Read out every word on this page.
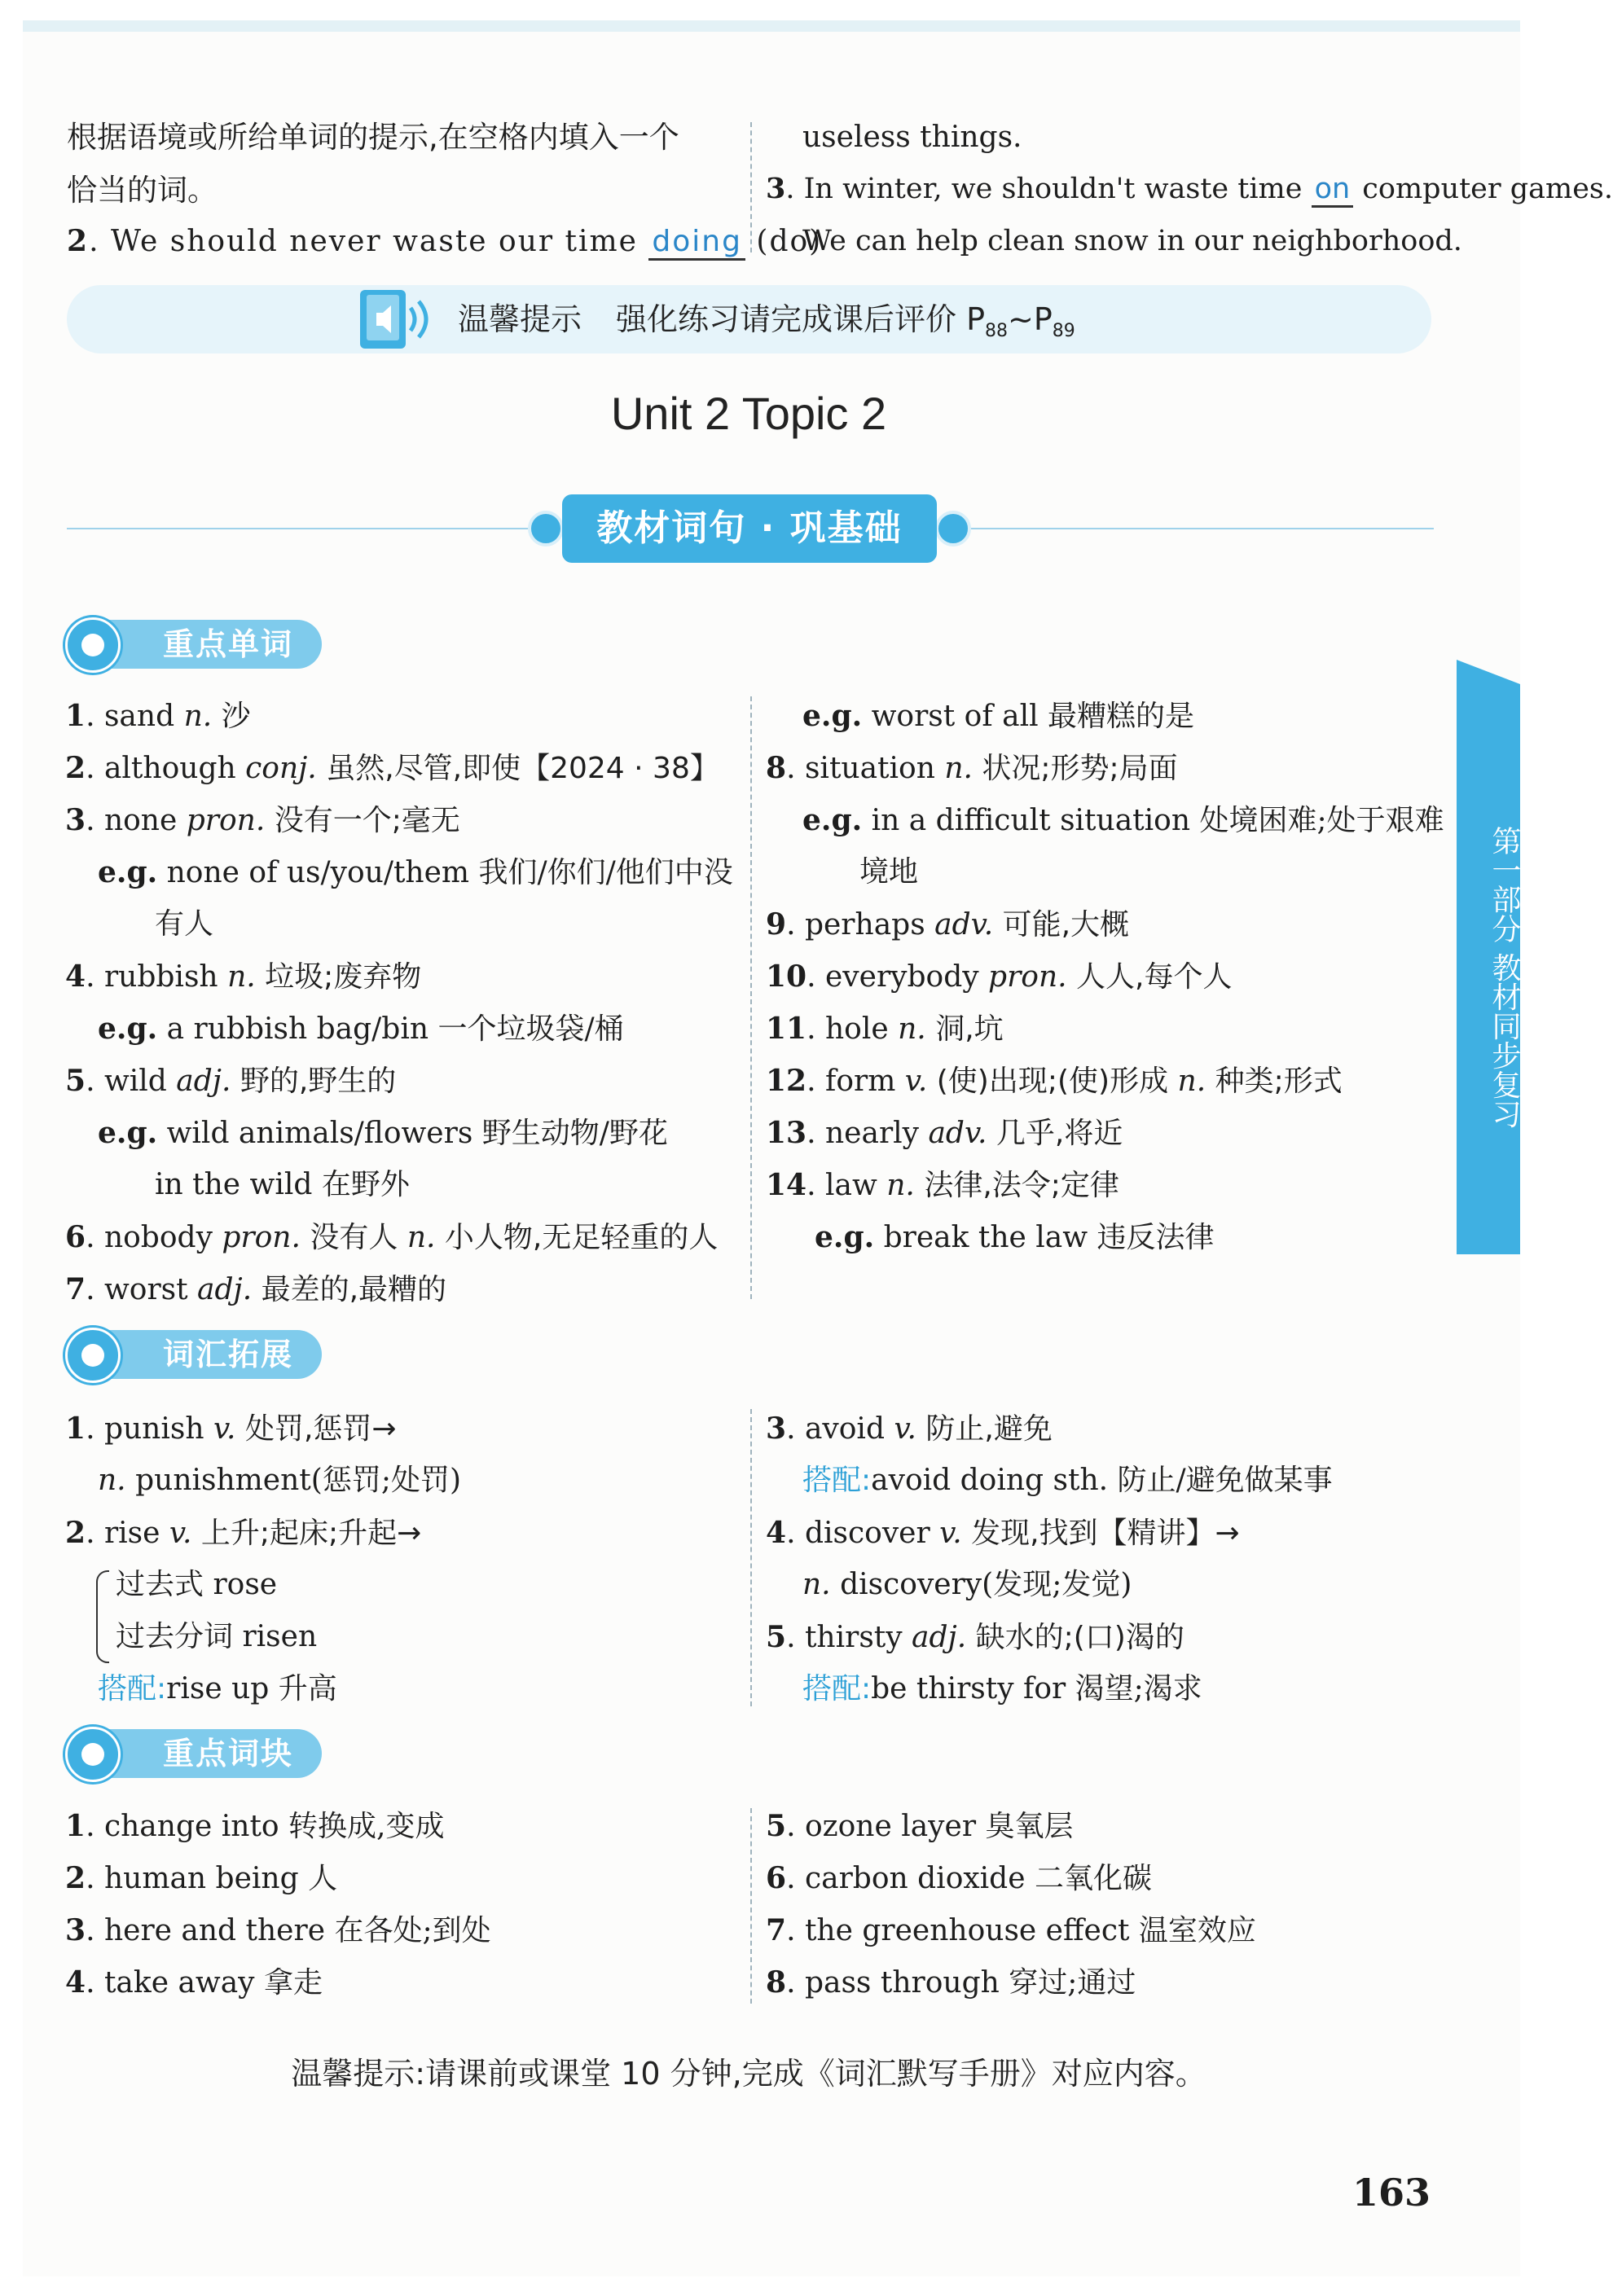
根据语境或所给单词的提示,在空格内填入一个
恰当的词。
2. We should never waste our time doing (do)
useless things.
3. In winter, we shouldn't waste time on computer games.
We can help clean snow in our neighborhood.
温馨提示 强化练习请完成课后评价 $P_{88}\sim P_{89}$
Unit 2 Topic 2
教材词句 · 巩基础
第一部分 教材同步复习
重点单词
1. sand n. 沙
2. although conj. 虽然,尽管,即使【2024 · 38】
3. none pron. 没有一个;毫无
e.g. none of us/you/them 我们/你们/他们中没
有人
4. rubbish n. 垃圾;废弃物
e.g. a rubbish bag/bin 一个垃圾袋/桶
5. wild adj. 野的,野生的
e.g. wild animals/flowers 野生动物/野花
in the wild 在野外
6. nobody pron. 没有人 n. 小人物,无足轻重的人
7. worst adj. 最差的,最糟的
e.g. worst of all 最糟糕的是
8. situation n. 状况;形势;局面
e.g. in a difficult situation 处境困难;处于艰难
境地
9. perhaps adv. 可能,大概
10. everybody pron. 人人,每个人
11. hole n. 洞,坑
12. form v. (使)出现;(使)形成 n. 种类;形式
13. nearly adv. 几乎,将近
14. law n. 法律,法令;定律
e.g. break the law 违反法律
词汇拓展
1. punish v. 处罚,惩罚→
n. punishment(惩罚;处罚)
2. rise v. 上升;起床;升起→
过去式 rose
过去分词 risen
搭配:rise up 升高
3. avoid v. 防止,避免
搭配:avoid doing sth. 防止/避免做某事
4. discover v. 发现,找到【精讲】→
n. discovery(发现;发觉)
5. thirsty adj. 缺水的;(口)渴的
搭配:be thirsty for 渴望;渴求
重点词块
1. change into 转换成,变成
2. human being 人
3. here and there 在各处;到处
4. take away 拿走
5. ozone layer 臭氧层
6. carbon dioxide 二氧化碳
7. the greenhouse effect 温室效应
8. pass through 穿过;通过
温馨提示:请课前或课堂 10 分钟,完成《词汇默写手册》对应内容。
163
